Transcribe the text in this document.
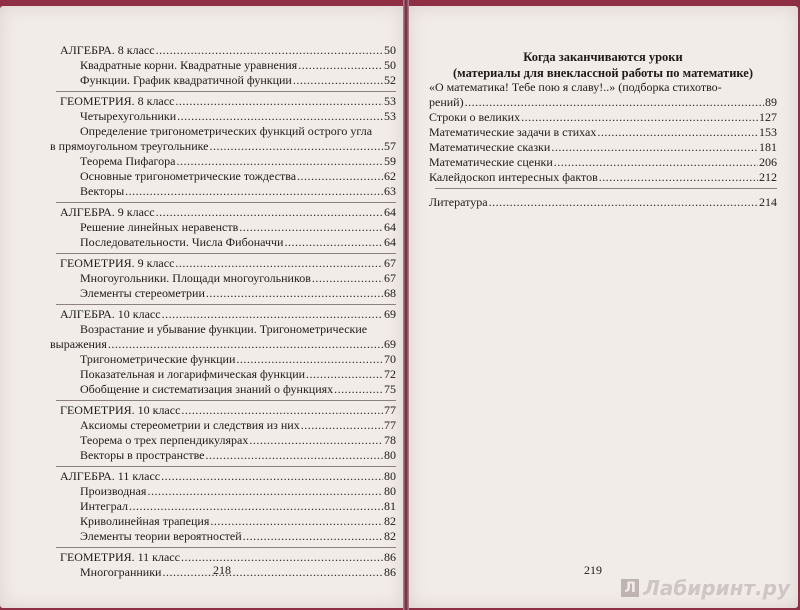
АЛГЕБРА. 8 класс .....	50
Квадратные корни. Квадратные уравнения .....	50
Функции. График квадратичной функции .....	52
ГЕОМЕТРИЯ. 8 класс .....	53
Четырехугольники .....	53
Определение тригонометрических функций острого угла
в прямоугольном треугольнике .....	57
Теорема Пифагора .....	59
Основные тригонометрические тождества .....	62
Векторы .....	63
АЛГЕБРА. 9 класс .....	64
Решение линейных неравенств .....	64
Последовательности. Числа Фибоначчи .....	64
ГЕОМЕТРИЯ. 9 класс .....	67
Многоугольники. Площади многоугольников .....	67
Элементы стереометрии .....	68
АЛГЕБРА. 10 класс .....	69
Возрастание и убывание функции. Тригонометрические
выражения .....	69
Тригонометрические функции .....	70
Показательная и логарифмическая функции .....	72
Обобщение и систематизация знаний о функциях .....	75
ГЕОМЕТРИЯ. 10 класс .....	77
Аксиомы стереометрии и следствия из них .....	77
Теорема о трех перпендикулярах .....	78
Векторы в пространстве .....	80
АЛГЕБРА. 11 класс .....	80
Производная .....	80
Интеграл .....	81
Криволинейная трапеция .....	82
Элементы теории вероятностей .....	82
ГЕОМЕТРИЯ. 11 класс .....	86
Многогранники .....	86
218
Когда заканчиваются уроки
(материалы для внеклассной работы по математике)
«О математика! Тебе пою я славу!..» (подборка стихотво-
рений) .....	89
Строки о великих .....	127
Математические задачи в стихах .....	153
Математические сказки .....	181
Математические сценки .....	206
Калейдоскоп интересных фактов .....	212
Литература .....	214
219
Л Лабиринт.ру
